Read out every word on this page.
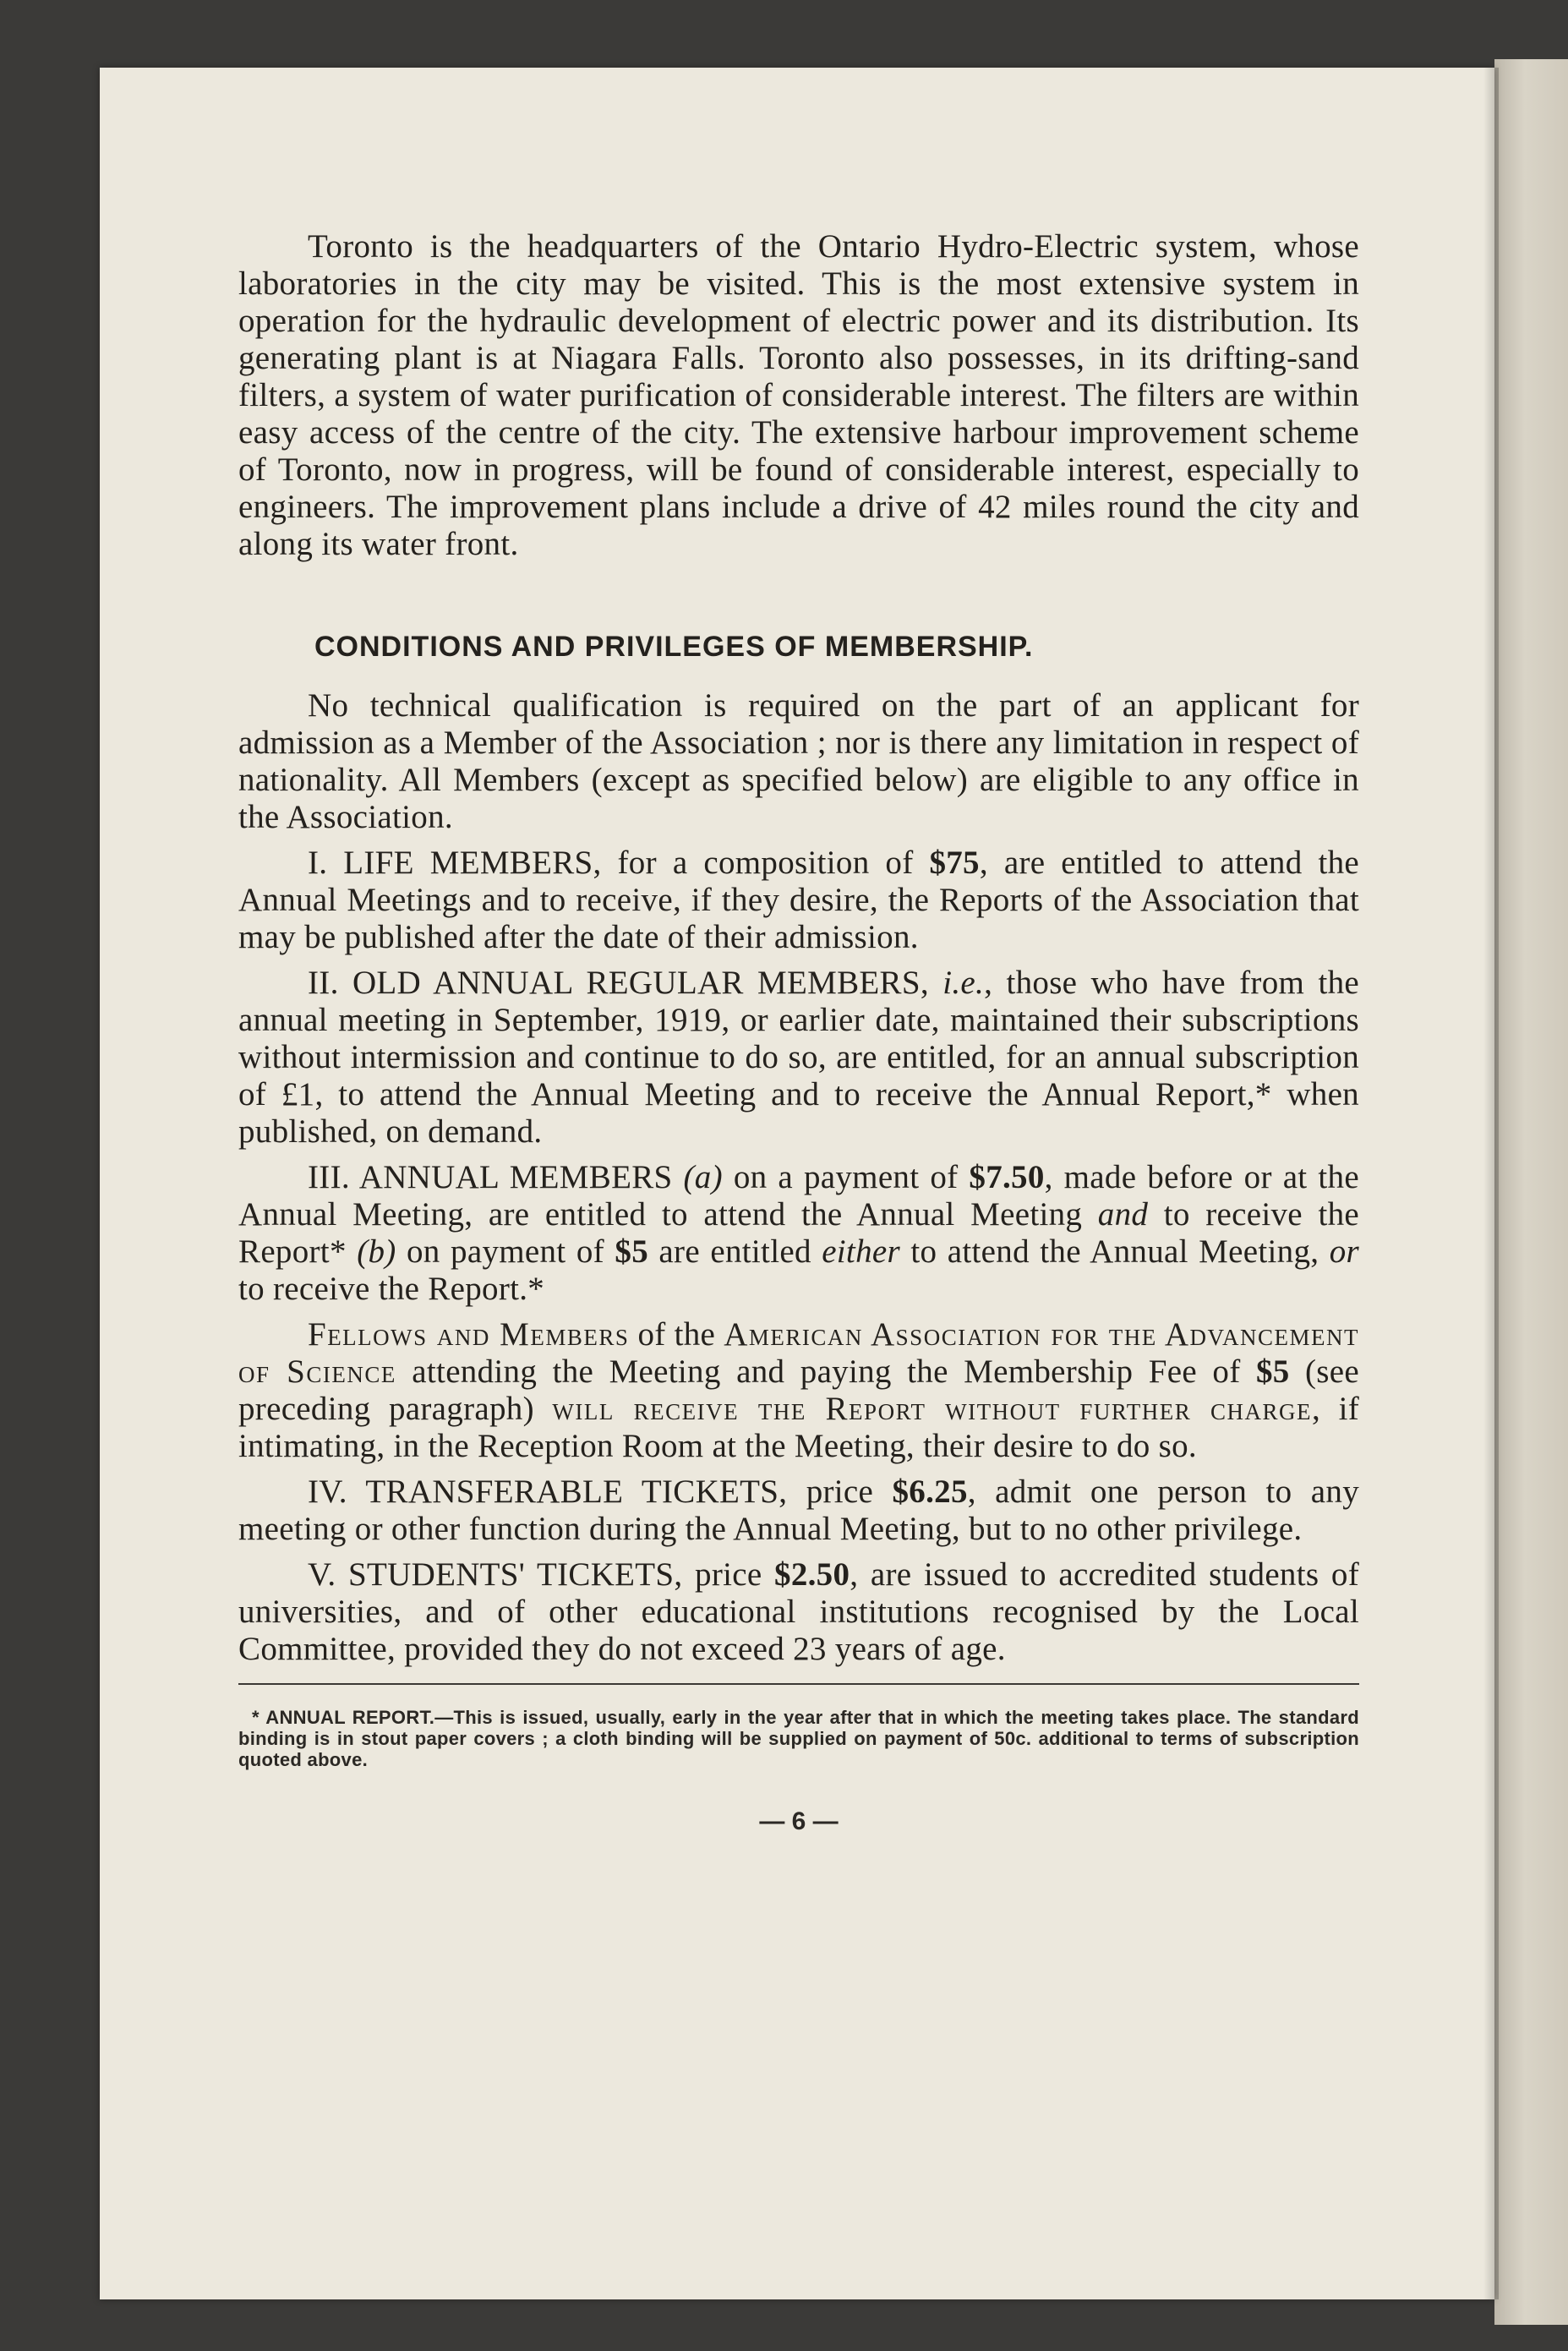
Toronto is the headquarters of the Ontario Hydro-Electric system, whose laboratories in the city may be visited. This is the most extensive system in operation for the hydraulic development of electric power and its distribution. Its generating plant is at Niagara Falls. Toronto also possesses, in its drifting-sand filters, a system of water purification of considerable interest. The filters are within easy access of the centre of the city. The extensive harbour improvement scheme of Toronto, now in progress, will be found of considerable interest, especially to engineers. The improvement plans include a drive of 42 miles round the city and along its water front.

CONDITIONS AND PRIVILEGES OF MEMBERSHIP.

No technical qualification is required on the part of an applicant for admission as a Member of the Association ; nor is there any limitation in respect of nationality. All Members (except as specified below) are eligible to any office in the Association.

I. LIFE MEMBERS, for a composition of $75, are entitled to attend the Annual Meetings and to receive, if they desire, the Reports of the Association that may be published after the date of their admission.

II. OLD ANNUAL REGULAR MEMBERS, i.e., those who have from the annual meeting in September, 1919, or earlier date, maintained their subscriptions without intermission and continue to do so, are entitled, for an annual subscription of £1, to attend the Annual Meeting and to receive the Annual Report,* when published, on demand.

III. ANNUAL MEMBERS (a) on a payment of $7.50, made before or at the Annual Meeting, are entitled to attend the Annual Meeting and to receive the Report* (b) on payment of $5 are entitled either to attend the Annual Meeting, or to receive the Report.*

Fellows and Members of the American Association for the Advancement of Science attending the Meeting and paying the Membership Fee of $5 (see preceding paragraph) will receive the Report without further charge, if intimating, in the Reception Room at the Meeting, their desire to do so.

IV. TRANSFERABLE TICKETS, price $6.25, admit one person to any meeting or other function during the Annual Meeting, but to no other privilege.

V. STUDENTS' TICKETS, price $2.50, are issued to accredited students of universities, and of other educational institutions recognised by the Local Committee, provided they do not exceed 23 years of age.

* ANNUAL REPORT.—This is issued, usually, early in the year after that in which the meeting takes place. The standard binding is in stout paper covers ; a cloth binding will be supplied on payment of 50c. additional to terms of subscription quoted above.

— 6 —
